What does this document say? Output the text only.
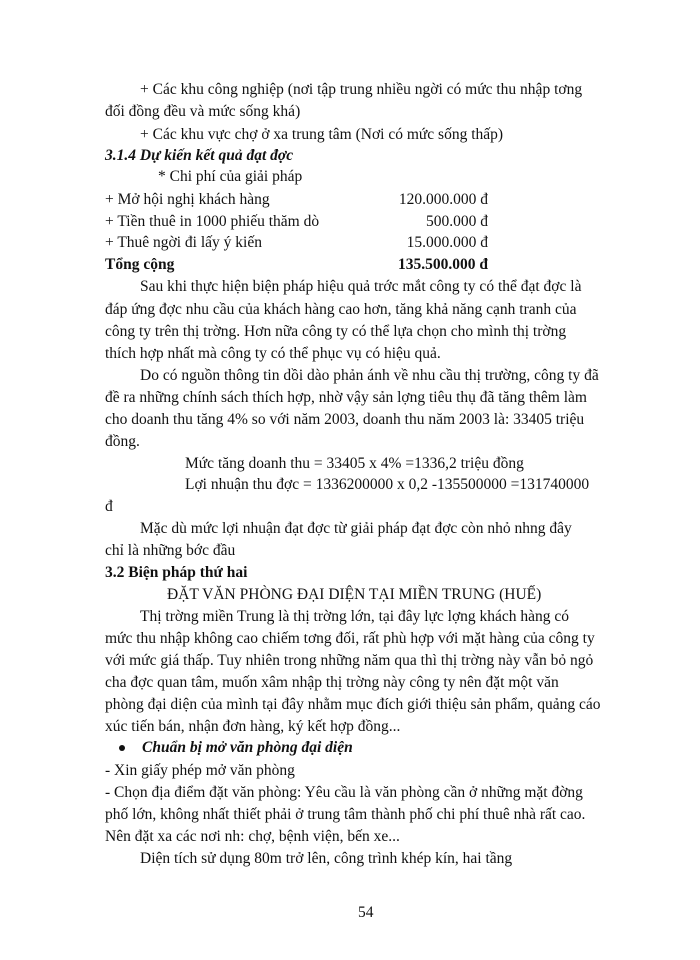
+ Các khu công nghiệp (nơi tập trung nhiều ngời có mức thu nhập tơng
đối đồng đều và mức sống khá)
+ Các khu vực chợ ở xa trung tâm (Nơi có mức sống thấp)
3.1.4 Dự kiến kết quả đạt đợc
* Chi phí của giải pháp
+ Mở hội nghị khách hàng	120.000.000 đ
+ Tiền thuê in 1000 phiếu thăm dò	500.000 đ
+ Thuê ngời đi lấy ý kiến	15.000.000 đ
Tổng cộng	135.500.000 đ
Sau khi thực hiện biện pháp hiệu quả trớc mắt công ty có thể đạt đợc là
đáp ứng đợc nhu cầu của khách hàng cao hơn, tăng khả năng cạnh tranh của
công ty trên thị trờng. Hơn nữa công ty có thể lựa chọn cho mình thị trờng
thích hợp nhất mà công ty có thể phục vụ có hiệu quả.
Do có nguồn thông tin dồi dào phản ánh về nhu cầu thị trường, công ty đã
đề ra những chính sách thích hợp, nhờ vậy sản lợng tiêu thụ đã tăng thêm làm
cho doanh thu tăng 4% so với năm 2003, doanh thu năm 2003 là: 33405 triệu
đồng.
Mức tăng doanh thu = 33405 x 4% =1336,2 triệu đồng
Lợi nhuận thu đợc = 1336200000 x 0,2 -135500000 =131740000
đ
Mặc dù mức lợi nhuận đạt đợc từ giải pháp đạt đợc còn nhỏ nhng đây
chỉ là những bớc đầu
3.2 Biện pháp thứ hai
ĐẶT VĂN PHÒNG ĐẠI DIỆN TẠI MIỀN TRUNG (HUẾ)
Thị trờng miền Trung là thị trờng lớn, tại đây lực lợng khách hàng có
mức thu nhập không cao chiếm tơng đối, rất phù hợp với mặt hàng của công ty
với mức giá thấp. Tuy nhiên trong những năm qua thì thị trờng này vẫn bỏ ngỏ
cha đợc quan tâm, muốn xâm nhập thị trờng này công ty nên đặt một văn
phòng đại diện của mình tại đây nhằm mục đích giới thiệu sản phẩm, quảng cáo
xúc tiến bán, nhận đơn hàng, ký kết hợp đồng...
Chuẩn bị mở văn phòng đại diện
- Xin giấy phép mở văn phòng
- Chọn địa điểm đặt văn phòng: Yêu cầu là văn phòng cần ở những mặt đờng
phố lớn, không nhất thiết phải ở trung tâm thành phố chi phí thuê nhà rất cao.
Nên đặt xa các nơi nh: chợ, bệnh viện, bến xe...
Diện tích sử dụng 80m trở lên, công trình khép kín, hai tầng
54
